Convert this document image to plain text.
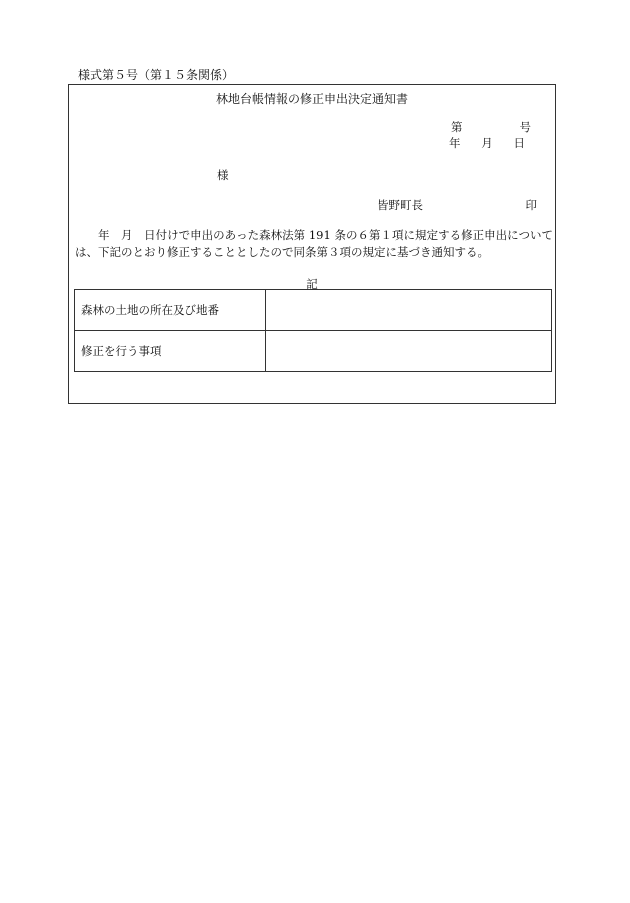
様式第５号（第１５条関係）
林地台帳情報の修正申出決定通知書
第	号
年 月 日
様
皆野町長	印
年　月　日付けで申出のあった森林法第 191 条の６第１項に規定する修正申出については、下記のとおり修正することとしたので同条第３項の規定に基づき通知する。
記
森林の土地の所在及び地番	
修正を行う事項	
